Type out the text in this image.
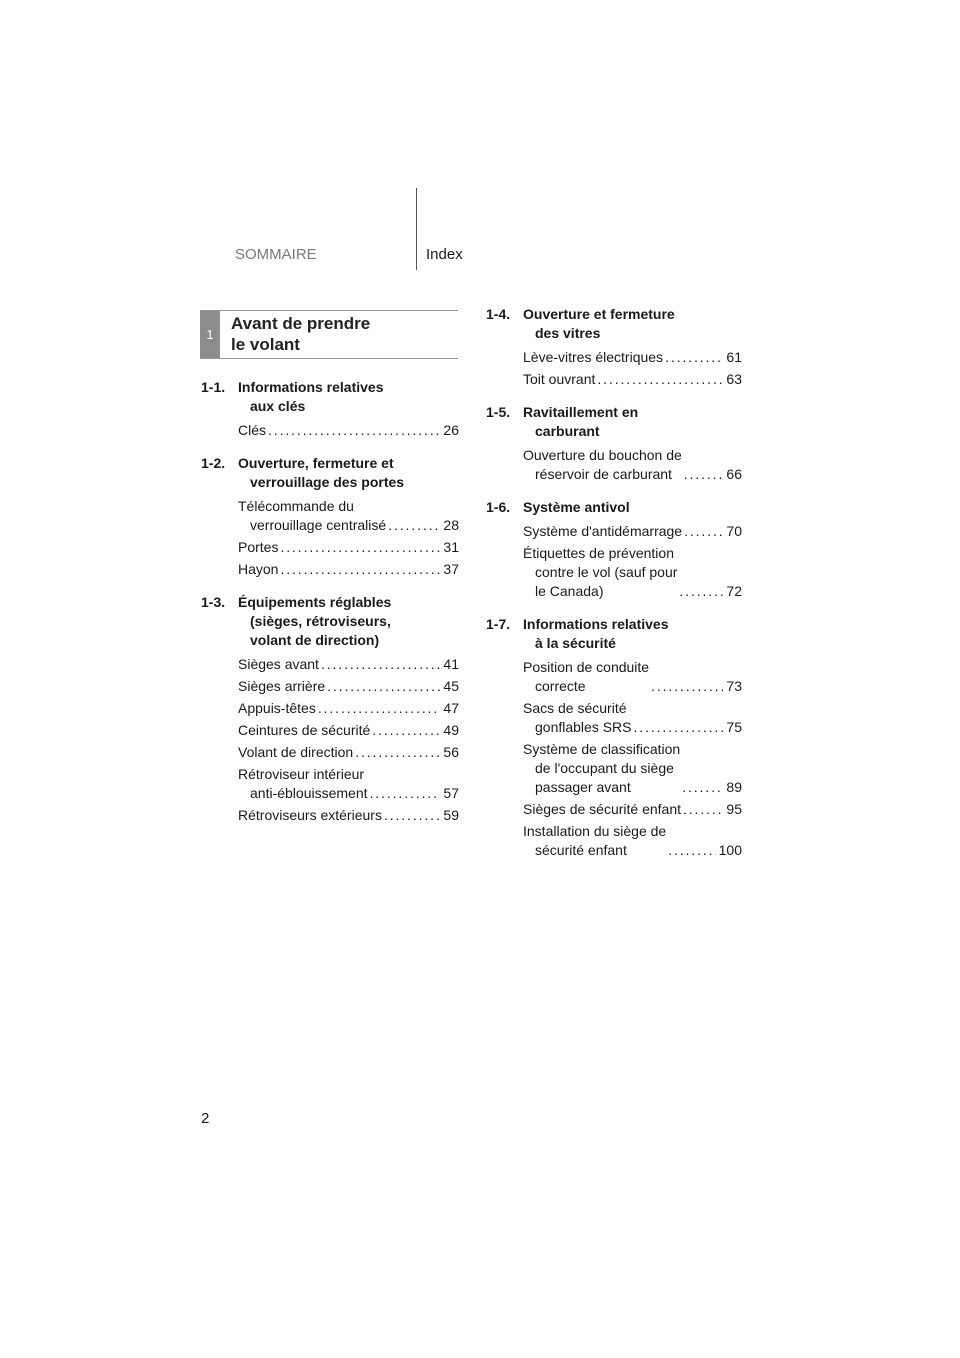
SOMMAIRE	Index
1
Avant de prendre
le volant
1-1. Informations relatives
aux clés
Clés . . .	26
1-2. Ouverture, fermeture et
verrouillage des portes
Télécommande du
verrouillage centralisé . . .	28
Portes . . .	31
Hayon . . .	37
1-3. Équipements réglables
(sièges, rétroviseurs,
volant de direction)
Sièges avant . . .	41
Sièges arrière . . .	45
Appuis-têtes . . .	47
Ceintures de sécurité . . .	49
Volant de direction . . .	56
Rétroviseur intérieur
anti-éblouissement . . .	57
Rétroviseurs extérieurs . . .	59
1-4. Ouverture et fermeture
des vitres
Lève-vitres électriques . . .	61
Toit ouvrant . . .	63
1-5. Ravitaillement en
carburant
Ouverture du bouchon de
réservoir de carburant . . .	66
1-6. Système antivol
Système d'antidémarrage . . .	70
Étiquettes de prévention
contre le vol (sauf pour
le Canada) . . .	72
1-7. Informations relatives
à la sécurité
Position de conduite
correcte . . .	73
Sacs de sécurité
gonflables SRS . . .	75
Système de classification
de l'occupant du siège
passager avant . . .	89
Sièges de sécurité enfant . . .	95
Installation du siège de
sécurité enfant . . .	100
2
